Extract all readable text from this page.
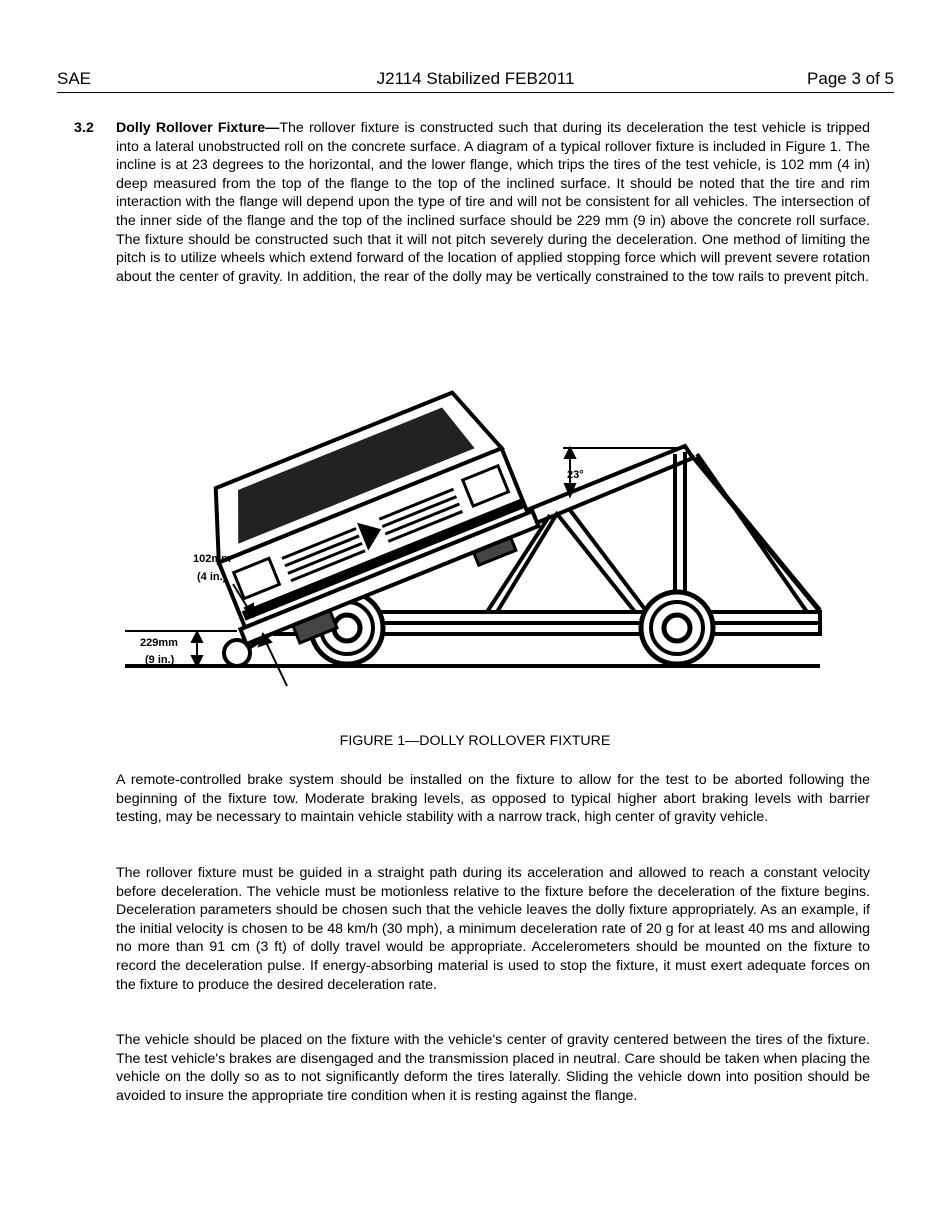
SAE	J2114 Stabilized FEB2011	Page 3 of 5
3.2 Dolly Rollover Fixture—The rollover fixture is constructed such that during its deceleration the test vehicle is tripped into a lateral unobstructed roll on the concrete surface. A diagram of a typical rollover fixture is included in Figure 1. The incline is at 23 degrees to the horizontal, and the lower flange, which trips the tires of the test vehicle, is 102 mm (4 in) deep measured from the top of the flange to the top of the inclined surface. It should be noted that the tire and rim interaction with the flange will depend upon the type of tire and will not be consistent for all vehicles. The intersection of the inner side of the flange and the top of the inclined surface should be 229 mm (9 in) above the concrete roll surface. The fixture should be constructed such that it will not pitch severely during the deceleration. One method of limiting the pitch is to utilize wheels which extend forward of the location of applied stopping force which will prevent severe rotation about the center of gravity. In addition, the rear of the dolly may be vertically constrained to the tow rails to prevent pitch.
23°
102mm
(4 in.)
229mm
(9 in.)
FIGURE 1—DOLLY ROLLOVER FIXTURE
A remote-controlled brake system should be installed on the fixture to allow for the test to be aborted following the beginning of the fixture tow. Moderate braking levels, as opposed to typical higher abort braking levels with barrier testing, may be necessary to maintain vehicle stability with a narrow track, high center of gravity vehicle.
The rollover fixture must be guided in a straight path during its acceleration and allowed to reach a constant velocity before deceleration. The vehicle must be motionless relative to the fixture before the deceleration of the fixture begins. Deceleration parameters should be chosen such that the vehicle leaves the dolly fixture appropriately. As an example, if the initial velocity is chosen to be 48 km/h (30 mph), a minimum deceleration rate of 20 g for at least 40 ms and allowing no more than 91 cm (3 ft) of dolly travel would be appropriate. Accelerometers should be mounted on the fixture to record the deceleration pulse. If energy-absorbing material is used to stop the fixture, it must exert adequate forces on the fixture to produce the desired deceleration rate.
The vehicle should be placed on the fixture with the vehicle's center of gravity centered between the tires of the fixture. The test vehicle's brakes are disengaged and the transmission placed in neutral. Care should be taken when placing the vehicle on the dolly so as to not significantly deform the tires laterally. Sliding the vehicle down into position should be avoided to insure the appropriate tire condition when it is resting against the flange.
